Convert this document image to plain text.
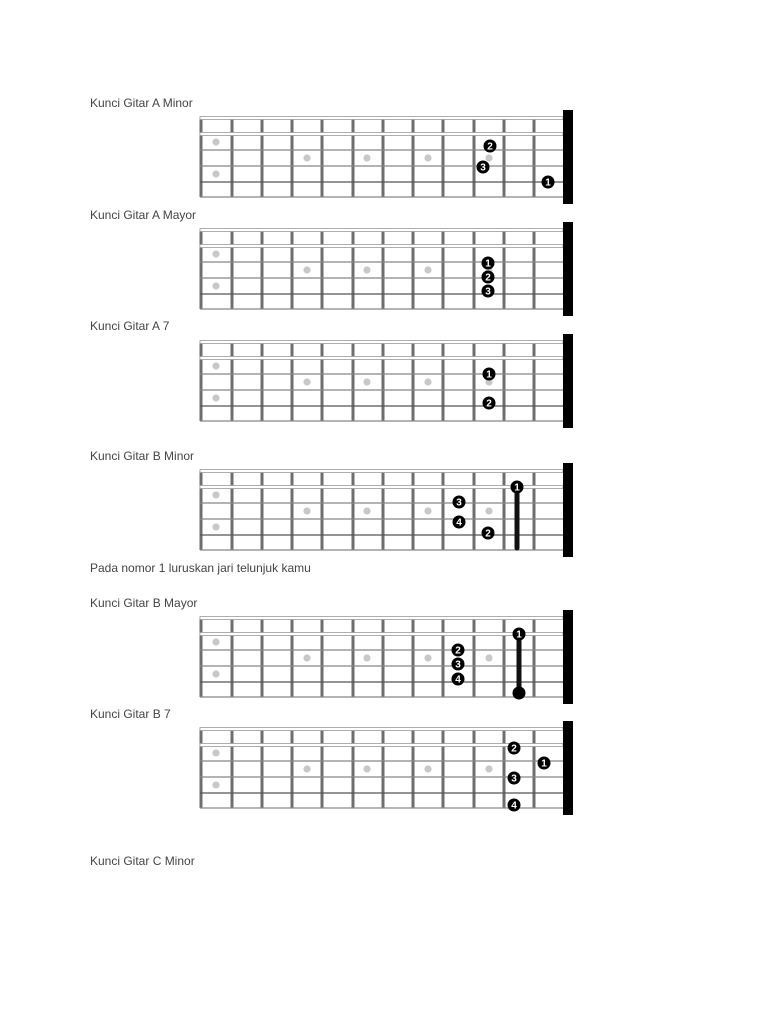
Kunci Gitar A Minor
Kunci Gitar A Mayor
Kunci Gitar A 7
Kunci Gitar B Minor
Pada nomor 1 luruskan jari telunjuk kamu
Kunci Gitar B Mayor
Kunci Gitar B 7
Kunci Gitar C Minor
2
3
1
1
2
3
1
2
1
3
4
2
1
2
3
4
2
1
3
4
